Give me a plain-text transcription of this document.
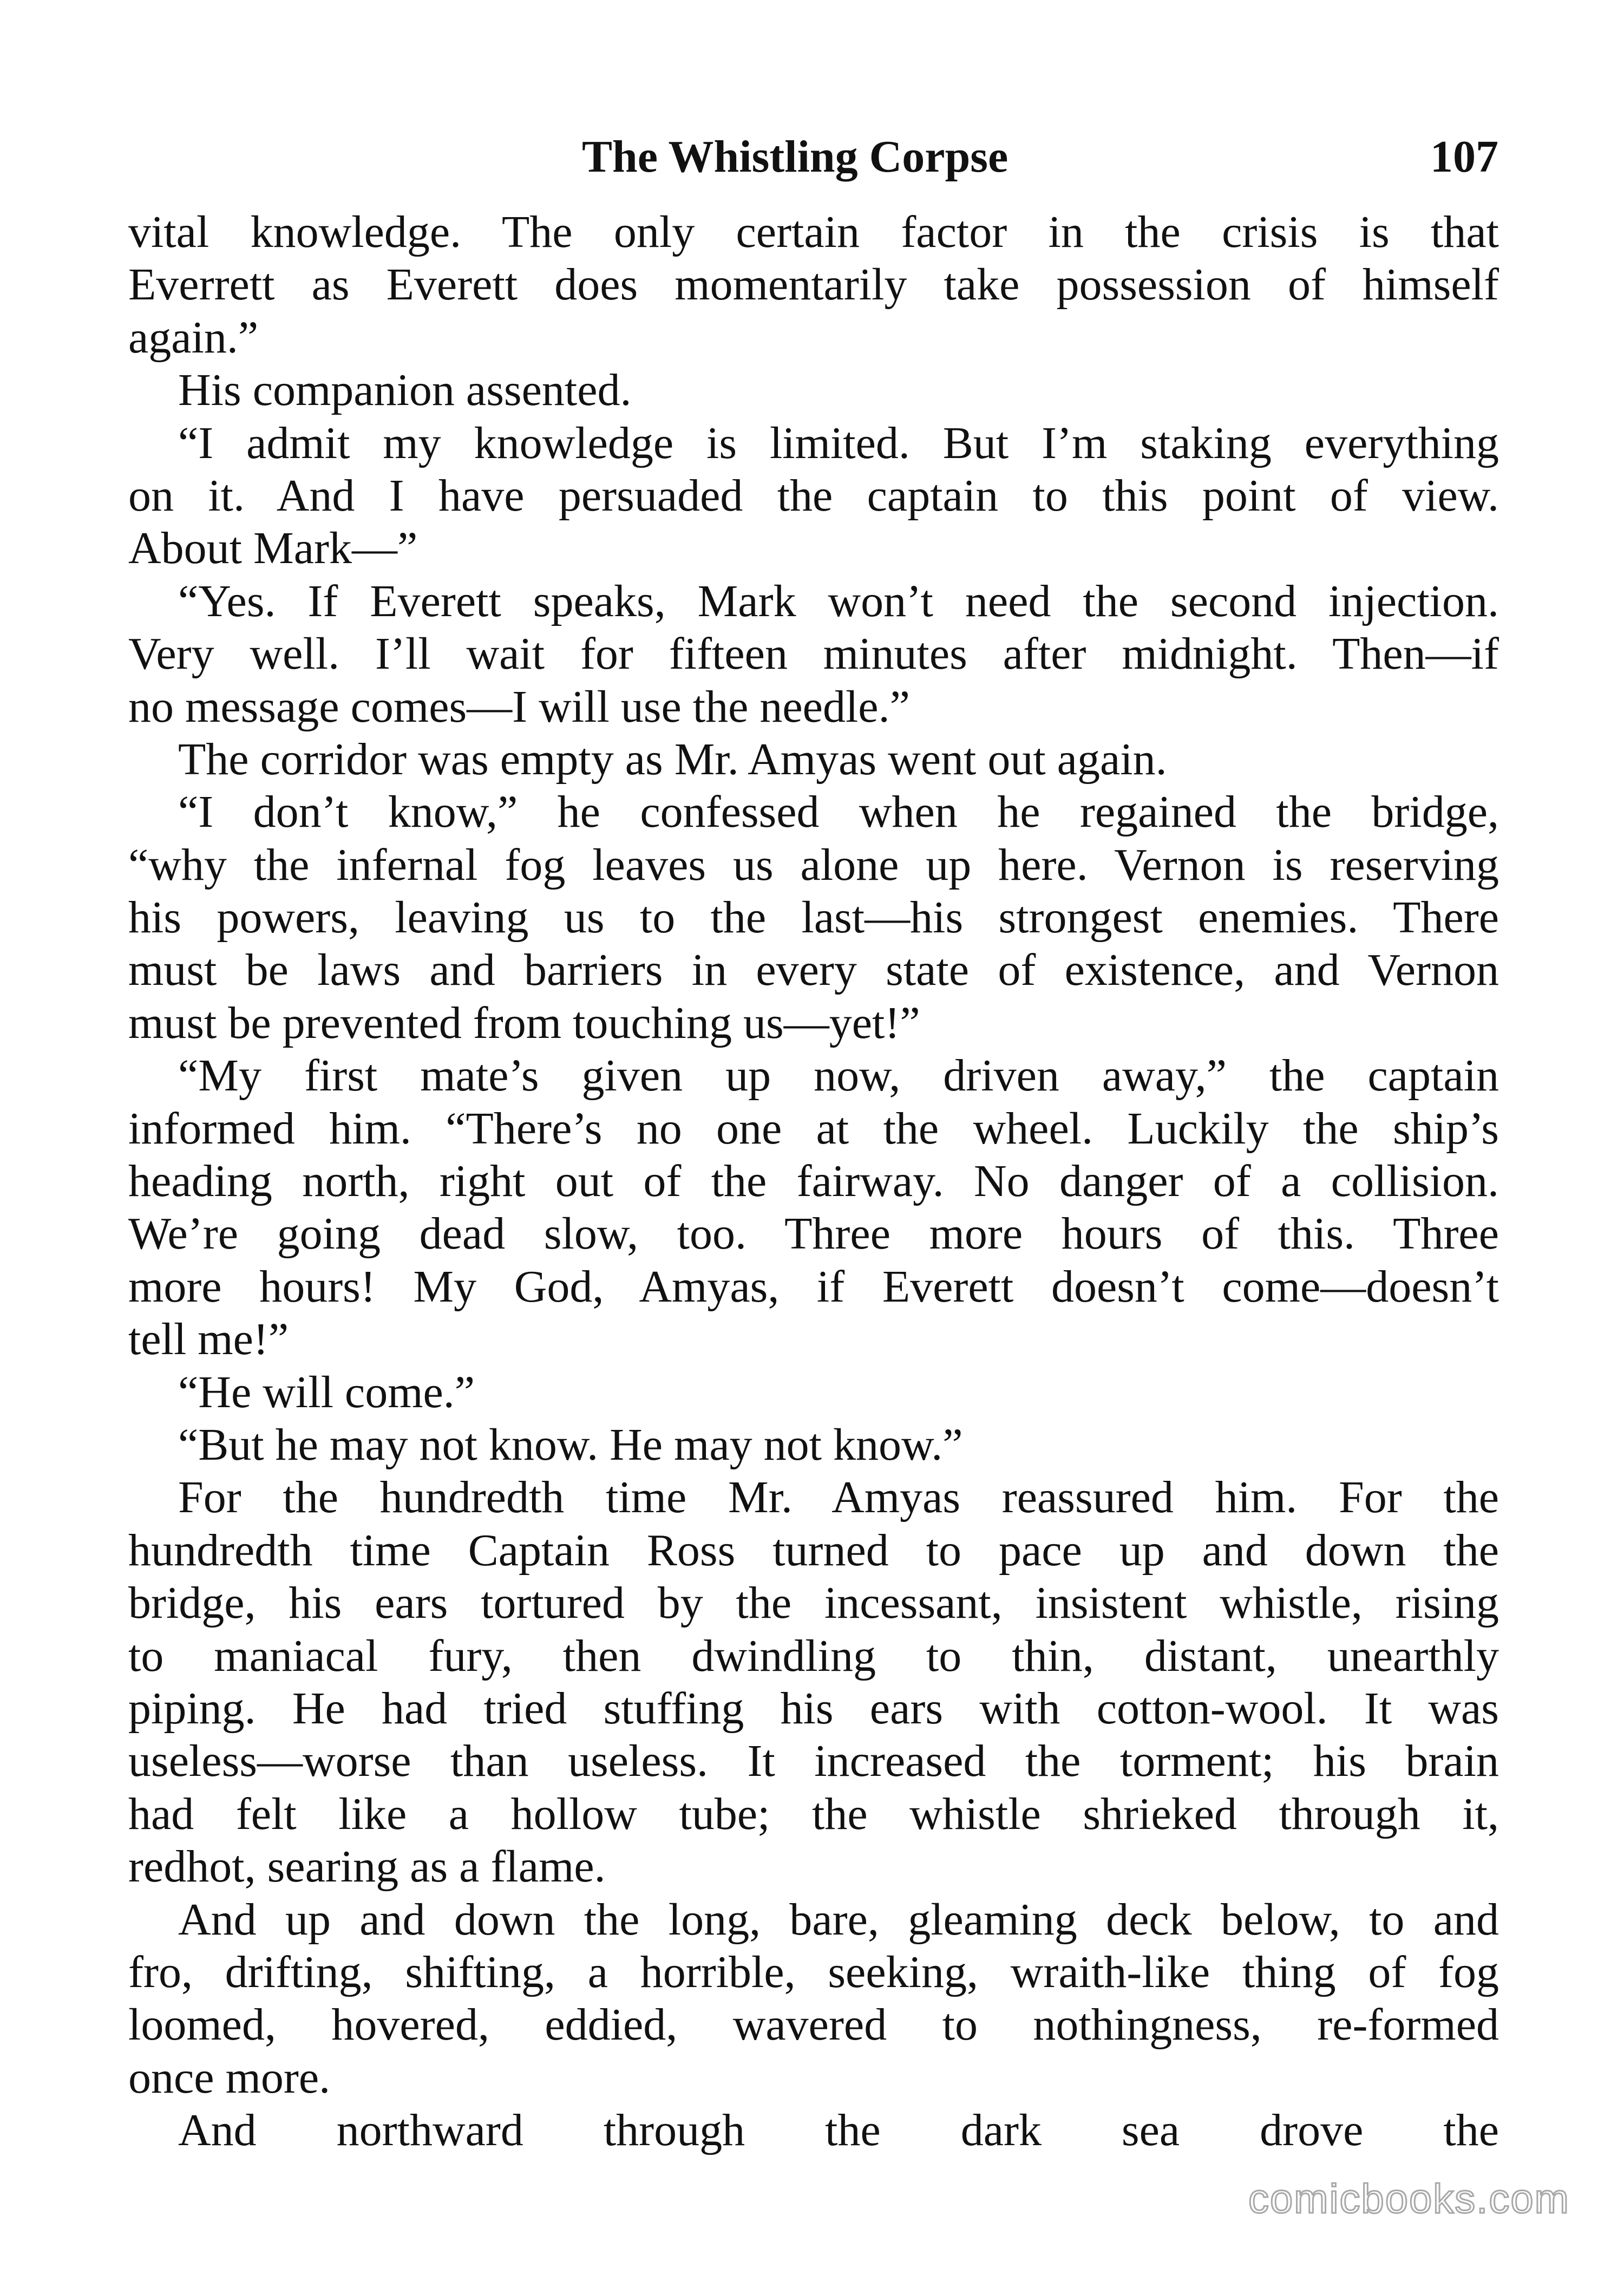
The Whistling Corpse	107
vital knowledge. The only certain factor in the crisis is that
Everrett as Everett does momentarily take possession of himself
again.”
His companion assented.
“I admit my knowledge is limited. But I’m staking everything
on it. And I have persuaded the captain to this point of view.
About Mark—”
“Yes. If Everett speaks, Mark won’t need the second injection.
Very well. I’ll wait for fifteen minutes after midnight. Then—if
no message comes—I will use the needle.”
The corridor was empty as Mr. Amyas went out again.
“I don’t know,” he confessed when he regained the bridge,
“why the infernal fog leaves us alone up here. Vernon is reserving
his powers, leaving us to the last—his strongest enemies. There
must be laws and barriers in every state of existence, and Vernon
must be prevented from touching us—yet!”
“My first mate’s given up now, driven away,” the captain
informed him. “There’s no one at the wheel. Luckily the ship’s
heading north, right out of the fairway. No danger of a collision.
We’re going dead slow, too. Three more hours of this. Three
more hours! My God, Amyas, if Everett doesn’t come—doesn’t
tell me!”
“He will come.”
“But he may not know. He may not know.”
For the hundredth time Mr. Amyas reassured him. For the
hundredth time Captain Ross turned to pace up and down the
bridge, his ears tortured by the incessant, insistent whistle, rising
to maniacal fury, then dwindling to thin, distant, unearthly
piping. He had tried stuffing his ears with cotton-wool. It was
useless—worse than useless. It increased the torment; his brain
had felt like a hollow tube; the whistle shrieked through it,
redhot, searing as a flame.
And up and down the long, bare, gleaming deck below, to and
fro, drifting, shifting, a horrible, seeking, wraith-like thing of fog
loomed, hovered, eddied, wavered to nothingness, re-formed
once more.
And northward through the dark sea drove the
comicbooks.com
